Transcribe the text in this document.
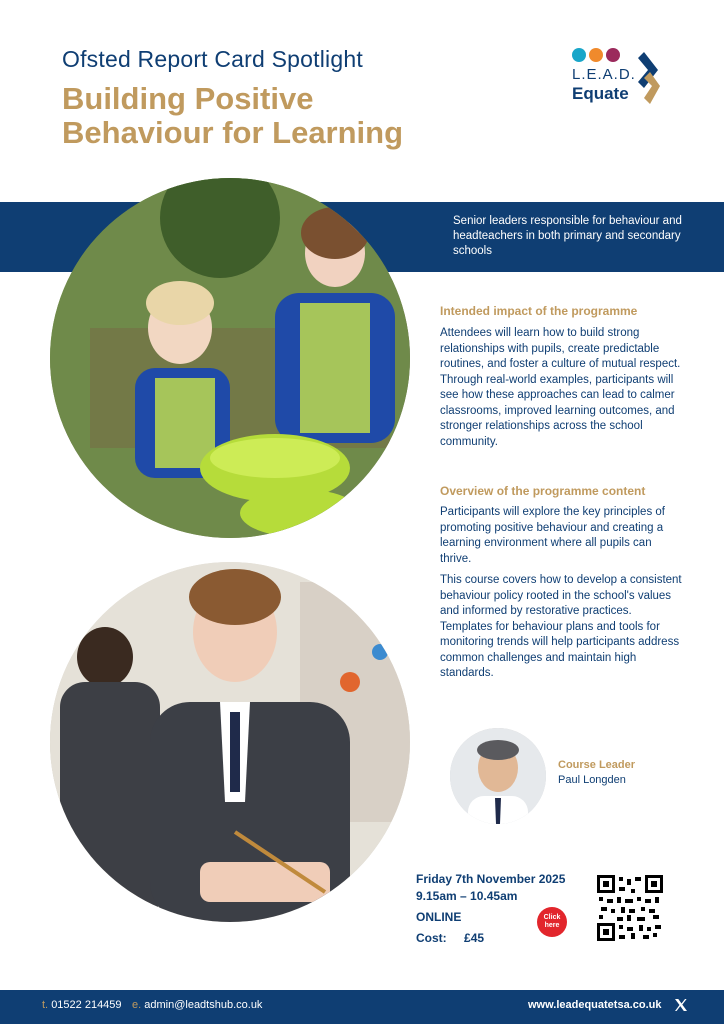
Ofsted Report Card Spotlight
Building Positive
Behaviour for Learning
L.E.A.D.
Equate
Senior leaders responsible for behaviour and headteachers in both primary and secondary schools
Intended impact of the programme
Attendees will learn how to build strong relationships with pupils, create predictable routines, and foster a culture of mutual respect. Through real-world examples, participants will see how these approaches can lead to calmer classrooms, improved learning outcomes, and stronger relationships across the school community.
Overview of the programme content
Participants will explore the key principles of promoting positive behaviour and creating a learning environment where all pupils can thrive.
This course covers how to develop a consistent behaviour policy rooted in the school's values and informed by restorative practices. Templates for behaviour plans and tools for monitoring trends will help participants address common challenges and maintain high standards.
Course Leader
Paul Longden
Friday 7th November 2025
9.15am – 10.45am
ONLINE
Cost: £45
Click here
t. 01522 214459 e. admin@leadtshub.co.uk	www.leadequatetsa.co.uk
